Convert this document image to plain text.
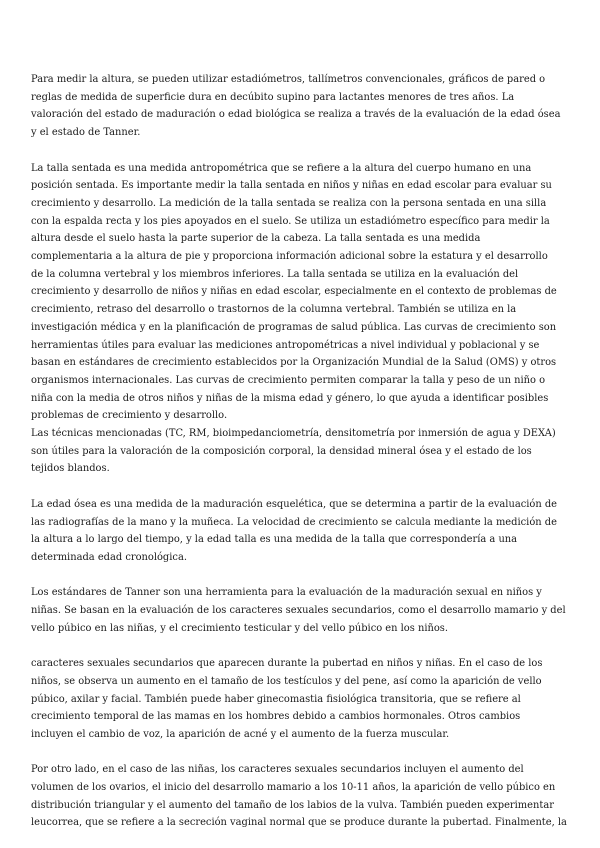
Para medir la altura, se pueden utilizar estadiómetros, tallímetros convencionales, gráficos de pared o
reglas de medida de superficie dura en decúbito supino para lactantes menores de tres años. La
valoración del estado de maduración o edad biológica se realiza a través de la evaluación de la edad ósea
y el estado de Tanner.

La talla sentada es una medida antropométrica que se refiere a la altura del cuerpo humano en una
posición sentada. Es importante medir la talla sentada en niños y niñas en edad escolar para evaluar su
crecimiento y desarrollo. La medición de la talla sentada se realiza con la persona sentada en una silla
con la espalda recta y los pies apoyados en el suelo. Se utiliza un estadiómetro específico para medir la
altura desde el suelo hasta la parte superior de la cabeza. La talla sentada es una medida
complementaria a la altura de pie y proporciona información adicional sobre la estatura y el desarrollo
de la columna vertebral y los miembros inferiores. La talla sentada se utiliza en la evaluación del
crecimiento y desarrollo de niños y niñas en edad escolar, especialmente en el contexto de problemas de
crecimiento, retraso del desarrollo o trastornos de la columna vertebral. También se utiliza en la
investigación médica y en la planificación de programas de salud pública. Las curvas de crecimiento son
herramientas útiles para evaluar las mediciones antropométricas a nivel individual y poblacional y se
basan en estándares de crecimiento establecidos por la Organización Mundial de la Salud (OMS) y otros
organismos internacionales. Las curvas de crecimiento permiten comparar la talla y peso de un niño o
niña con la media de otros niños y niñas de la misma edad y género, lo que ayuda a identificar posibles
problemas de crecimiento y desarrollo.
Las técnicas mencionadas (TC, RM, bioimpedanciometría, densitometría por inmersión de agua y DEXA)
son útiles para la valoración de la composición corporal, la densidad mineral ósea y el estado de los
tejidos blandos.

La edad ósea es una medida de la maduración esquelética, que se determina a partir de la evaluación de
las radiografías de la mano y la muñeca. La velocidad de crecimiento se calcula mediante la medición de
la altura a lo largo del tiempo, y la edad talla es una medida de la talla que correspondería a una
determinada edad cronológica.

Los estándares de Tanner son una herramienta para la evaluación de la maduración sexual en niños y
niñas. Se basan en la evaluación de los caracteres sexuales secundarios, como el desarrollo mamario y del
vello púbico en las niñas, y el crecimiento testicular y del vello púbico en los niños.

caracteres sexuales secundarios que aparecen durante la pubertad en niños y niñas. En el caso de los
niños, se observa un aumento en el tamaño de los testículos y del pene, así como la aparición de vello
púbico, axilar y facial. También puede haber ginecomastia fisiológica transitoria, que se refiere al
crecimiento temporal de las mamas en los hombres debido a cambios hormonales. Otros cambios
incluyen el cambio de voz, la aparición de acné y el aumento de la fuerza muscular.

Por otro lado, en el caso de las niñas, los caracteres sexuales secundarios incluyen el aumento del
volumen de los ovarios, el inicio del desarrollo mamario a los 10-11 años, la aparición de vello púbico en
distribución triangular y el aumento del tamaño de los labios de la vulva. También pueden experimentar
leucorrea, que se refiere a la secreción vaginal normal que se produce durante la pubertad. Finalmente, la
